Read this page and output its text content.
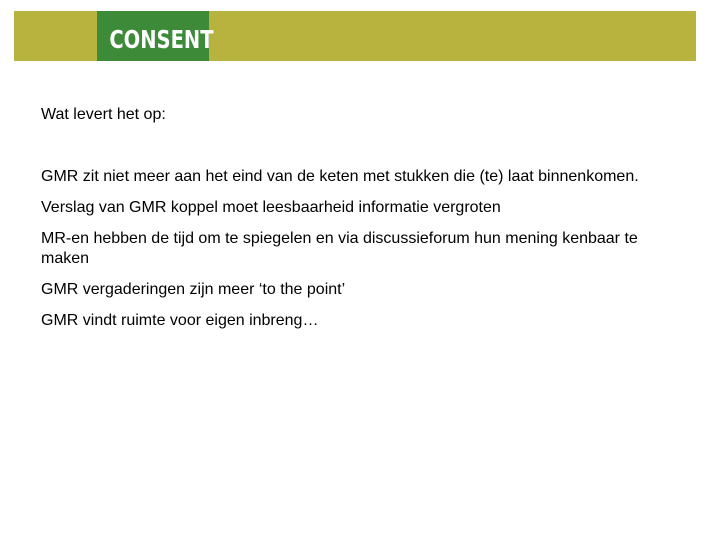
CONSENT

Wat levert het op:

GMR zit niet meer aan het eind van de keten met stukken die (te) laat binnenkomen.
Verslag van GMR koppel moet leesbaarheid informatie vergroten
MR-en hebben de tijd om te spiegelen en via discussieforum hun mening kenbaar te maken
GMR vergaderingen zijn meer ‘to the point’
GMR vindt ruimte voor eigen inbreng…
